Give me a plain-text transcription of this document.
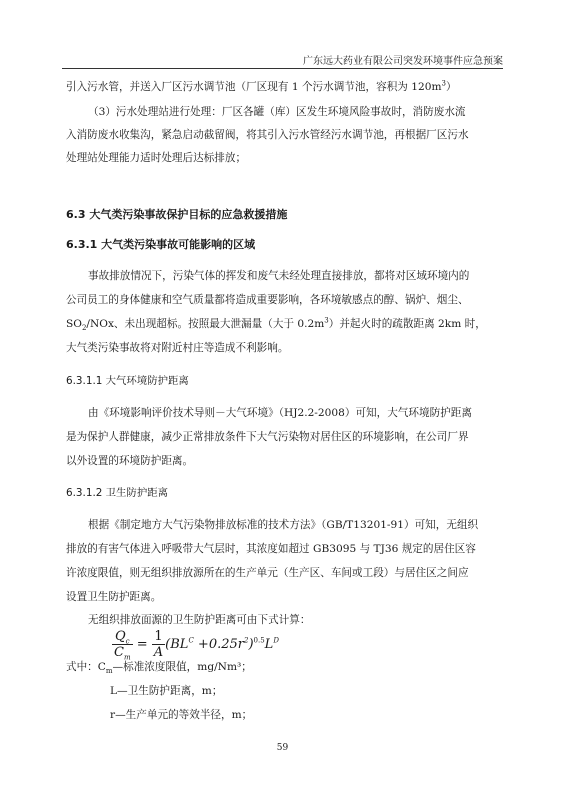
广东远大药业有限公司突发环境事件应急预案
引入污水管，并送入厂区污水调节池（厂区现有 1 个污水调节池，容积为 $120m^3$）
（3）污水处理站进行处理：厂区各罐（库）区发生环境风险事故时，消防废水流
入消防废水收集沟，紧急启动截留阀，将其引入污水管经污水调节池，再根据厂区污水
处理站处理能力适时处理后达标排放；
6.3 大气类污染事故保护目标的应急救援措施
6.3.1 大气类污染事故可能影响的区域
事故排放情况下，污染气体的挥发和废气未经处理直接排放，都将对区域环境内的
公司员工的身体健康和空气质量都将造成重要影响，各环境敏感点的醇、锅炉、烟尘、
$SO_2$/NOx、未出现超标。按照最大泄漏量（大于 $0.2m^3$）并起火时的疏散距离 2km 时，
大气类污染事故将对附近村庄等造成不利影响。
6.3.1.1 大气环境防护距离
由《环境影响评价技术导则－大气环境》（HJ2.2-2008）可知，大气环境防护距离
是为保护人群健康，减少正常排放条件下大气污染物对居住区的环境影响，在公司厂界
以外设置的环境防护距离。
6.3.1.2 卫生防护距离
根据《制定地方大气污染物排放标准的技术方法》（GB/T13201-91）可知，无组织
排放的有害气体进入呼吸带大气层时，其浓度如超过 GB3095 与 TJ36 规定的居住区容
许浓度限值，则无组织排放源所在的生产单元（生产区、车间或工段）与居住区之间应
设置卫生防护距离。
无组织排放面源的卫生防护距离可由下式计算：
$\frac{Q_c}{C_m} = \frac{1}{A} (BL^C +0.25r^2)^{0.5}L^D$
式中：$C_m—$标准浓度限值，mg/Nm³；
L—卫生防护距离，m；
r—生产单元的等效半径，m；
59
